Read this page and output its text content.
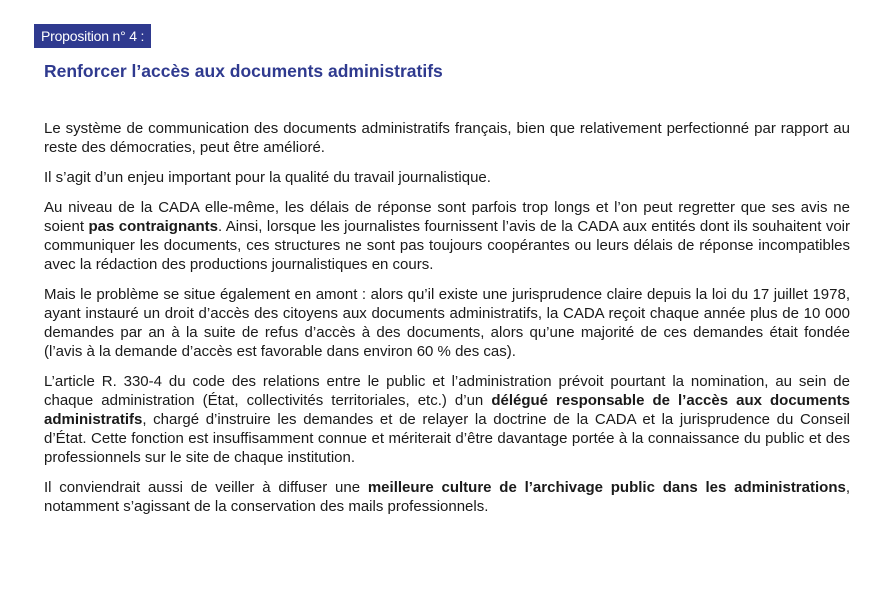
Proposition n° 4 :
Renforcer l’accès aux documents administratifs

Le système de communication des documents administratifs français, bien que relativement perfectionné par rapport au reste des démocraties, peut être amélioré.

Il s’agit d’un enjeu important pour la qualité du travail journalistique.

Au niveau de la CADA elle-même, les délais de réponse sont parfois trop longs et l’on peut regretter que ses avis ne soient pas contraignants. Ainsi, lorsque les journalistes fournissent l’avis de la CADA aux entités dont ils souhaitent voir communiquer les documents, ces structures ne sont pas toujours coopérantes ou leurs délais de réponse incompatibles avec la rédaction des productions journalistiques en cours.

Mais le problème se situe également en amont : alors qu’il existe une jurisprudence claire depuis la loi du 17 juillet 1978, ayant instauré un droit d’accès des citoyens aux documents administratifs, la CADA reçoit chaque année plus de 10 000 demandes par an à la suite de refus d’accès à des documents, alors qu’une majorité de ces demandes était fondée (l’avis à la demande d’accès est favorable dans environ 60 % des cas).

L’article R. 330-4 du code des relations entre le public et l’administration prévoit pourtant la nomination, au sein de chaque administration (État, collectivités territoriales, etc.) d’un délégué responsable de l’accès aux documents administratifs, chargé d’instruire les demandes et de relayer la doctrine de la CADA et la jurisprudence du Conseil d’État. Cette fonction est insuffisamment connue et mériterait d’être davantage portée à la connaissance du public et des professionnels sur le site de chaque institution.

Il conviendrait aussi de veiller à diffuser une meilleure culture de l’archivage public dans les administrations, notamment s’agissant de la conservation des mails professionnels.
